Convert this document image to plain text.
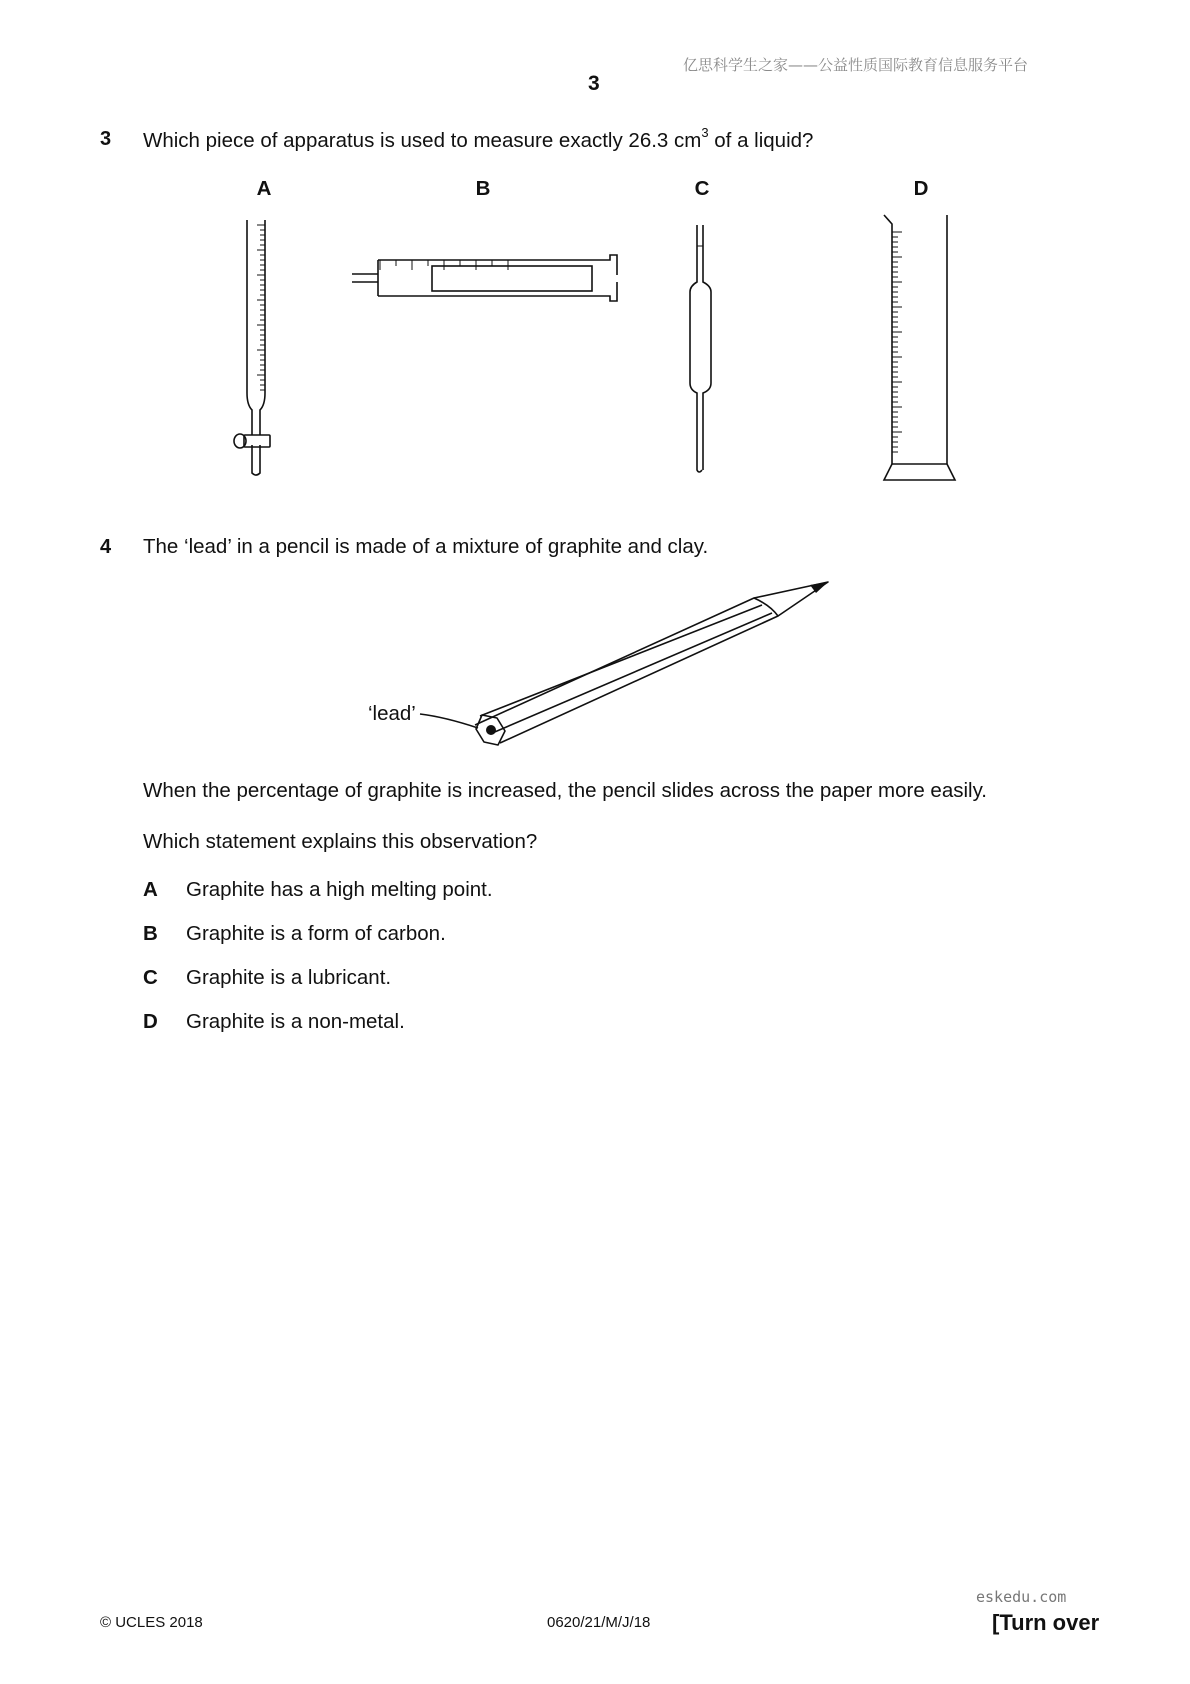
亿思科学生之家——公益性质国际教育信息服务平台
3
3 Which piece of apparatus is used to measure exactly 26.3 $cm^3$ of a liquid?
A	B	C	D
4 The ‘lead’ in a pencil is made of a mixture of graphite and clay.
‘lead’
When the percentage of graphite is increased, the pencil slides across the paper more easily.
Which statement explains this observation?
A Graphite has a high melting point.
B Graphite is a form of carbon.
C Graphite is a lubricant.
D Graphite is a non-metal.
© UCLES 2018	0620/21/M/J/18
eskedu.com
[Turn over
